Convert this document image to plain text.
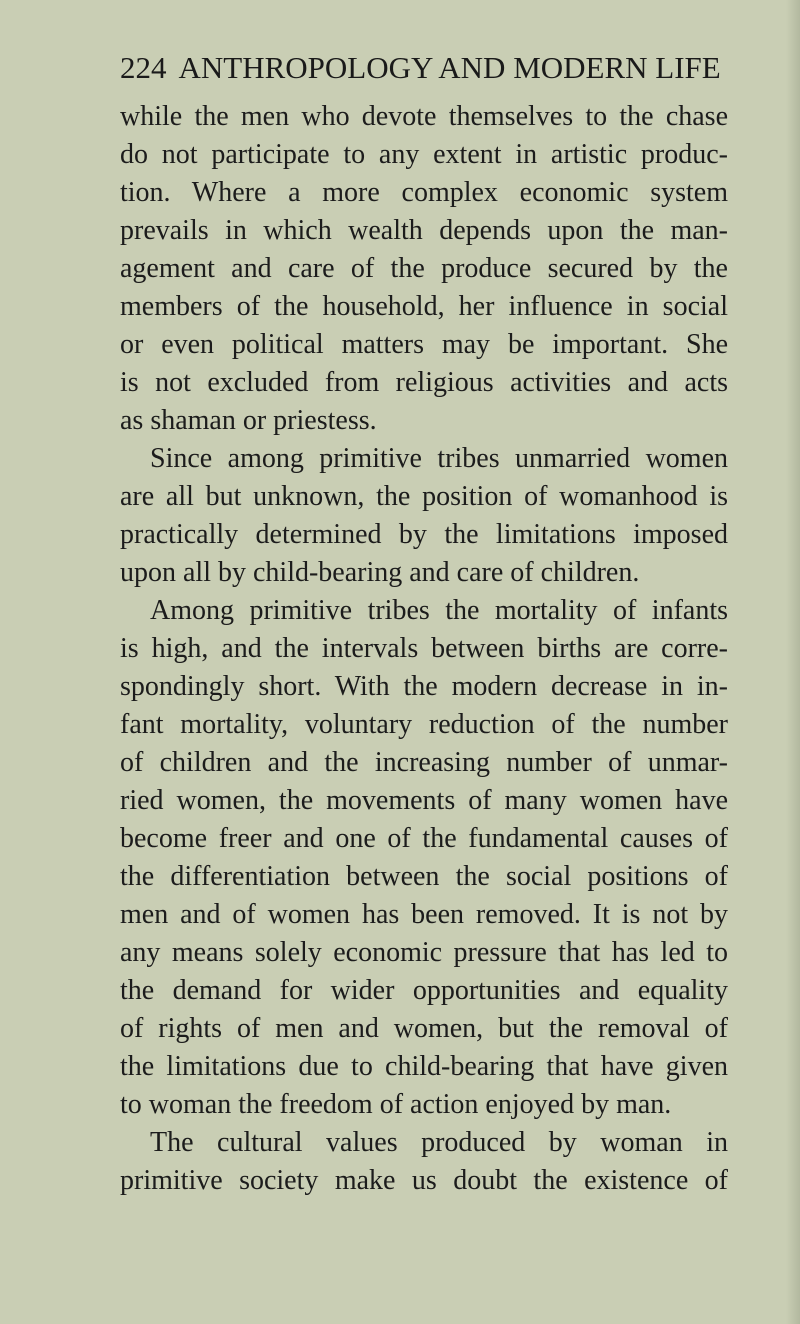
224 ANTHROPOLOGY AND MODERN LIFE
while the men who devote themselves to the chase
do not participate to any extent in artistic produc-
tion. Where a more complex economic system
prevails in which wealth depends upon the man-
agement and care of the produce secured by the
members of the household, her influence in social
or even political matters may be important. She
is not excluded from religious activities and acts
as shaman or priestess.
Since among primitive tribes unmarried women
are all but unknown, the position of womanhood is
practically determined by the limitations imposed
upon all by child-bearing and care of children.
Among primitive tribes the mortality of infants
is high, and the intervals between births are corre-
spondingly short. With the modern decrease in in-
fant mortality, voluntary reduction of the number
of children and the increasing number of unmar-
ried women, the movements of many women have
become freer and one of the fundamental causes of
the differentiation between the social positions of
men and of women has been removed. It is not by
any means solely economic pressure that has led to
the demand for wider opportunities and equality
of rights of men and women, but the removal of
the limitations due to child-bearing that have given
to woman the freedom of action enjoyed by man.
The cultural values produced by woman in
primitive society make us doubt the existence of
